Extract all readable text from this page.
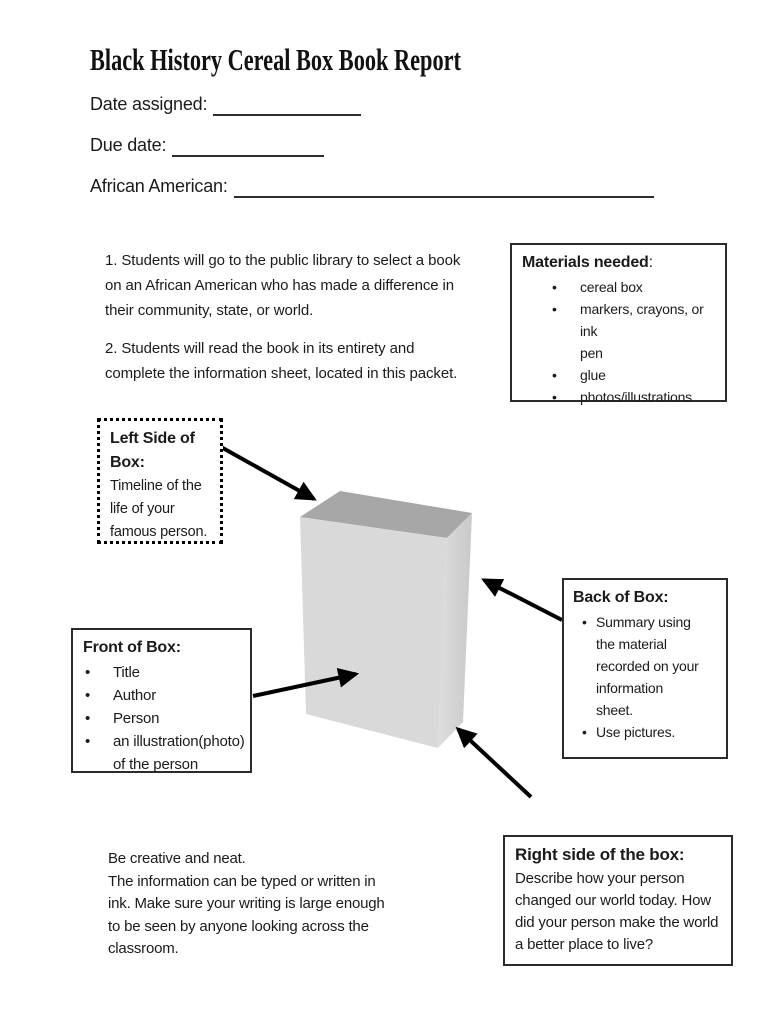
Black History Cereal Box Book Report
Date assigned:
Due date:
African American:
1. Students will go to the public library to select a book
on an African American who has made a difference in
their community, state, or world.
2. Students will read the book in its entirety and
complete the information sheet, located in this packet.
Materials needed:
•	cereal box
•	markers, crayons, or ink
pen
•	glue
•	photos/illustrations
Left Side of
Box:
Timeline of the
life of your
famous person.
Front of Box:
•	Title
•	Author
•	Person
•	an illustration(photo)
of the person
Back of Box:
• Summary using
the material
recorded on your
information
sheet.
• Use pictures.
Right side of the box:
Describe how your person
changed our world today. How
did your person make the world
a better place to live?
Be creative and neat.
The information can be typed or written in
ink. Make sure your writing is large enough
to be seen by anyone looking across the
classroom.
